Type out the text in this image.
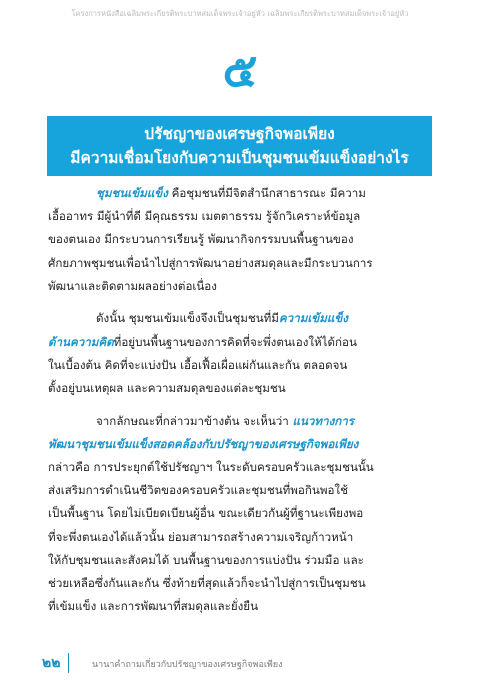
โครงการหนังสือเฉลิมพระเกียรติพระบาทสมเด็จพระเจ้าอยู่หัว เฉลิมพระเกียรติพระบาทสมเด็จพระเจ้าอยู่หัว
๕
ปรัชญาของเศรษฐกิจพอเพียง
มีความเชื่อมโยงกับความเป็นชุมชนเข้มแข็งอย่างไร
ชุมชนเข้มแข็ง คือชุมชนที่มีจิตสำนึกสาธารณะ มีความ
เอื้ออาทร มีผู้นำที่ดี มีคุณธรรม เมตตาธรรม รู้จักวิเคราะห์ข้อมูล
ของตนเอง มีกระบวนการเรียนรู้ พัฒนากิจกรรมบนพื้นฐานของ
ศักยภาพชุมชนเพื่อนำไปสู่การพัฒนาอย่างสมดุลและมีกระบวนการ
พัฒนาและติดตามผลอย่างต่อเนื่อง
ดังนั้น ชุมชนเข้มแข็งจึงเป็นชุมชนที่มีความเข้มแข็ง
ด้านความคิดที่อยู่บนพื้นฐานของการคิดที่จะพึ่งตนเองให้ได้ก่อน
ในเบื้องต้น คิดที่จะแบ่งปัน เอื้อเฟื้อเผื่อแผ่กันและกัน ตลอดจน
ตั้งอยู่บนเหตุผล และความสมดุลของแต่ละชุมชน
จากลักษณะที่กล่าวมาข้างต้น จะเห็นว่า แนวทางการ
พัฒนาชุมชนเข้มแข็งสอดคล้องกับปรัชญาของเศรษฐกิจพอเพียง
กล่าวคือ การประยุกต์ใช้ปรัชญาฯ ในระดับครอบครัวและชุมชนนั้น
ส่งเสริมการดำเนินชีวิตของครอบครัวและชุมชนที่พอกินพอใช้
เป็นพื้นฐาน โดยไม่เบียดเบียนผู้อื่น ขณะเดียวกันผู้ที่ฐานะเพียงพอ
ที่จะพึ่งตนเองได้แล้วนั้น ย่อมสามารถสร้างความเจริญก้าวหน้า
ให้กับชุมชนและสังคมได้ บนพื้นฐานของการแบ่งปัน ร่วมมือ และ
ช่วยเหลือซึ่งกันและกัน ซึ่งท้ายที่สุดแล้วก็จะนำไปสู่การเป็นชุมชน
ที่เข้มแข็ง และการพัฒนาที่สมดุลและยั่งยืน
๒๒	นานาคำถามเกี่ยวกับปรัชญาของเศรษฐกิจพอเพียง
